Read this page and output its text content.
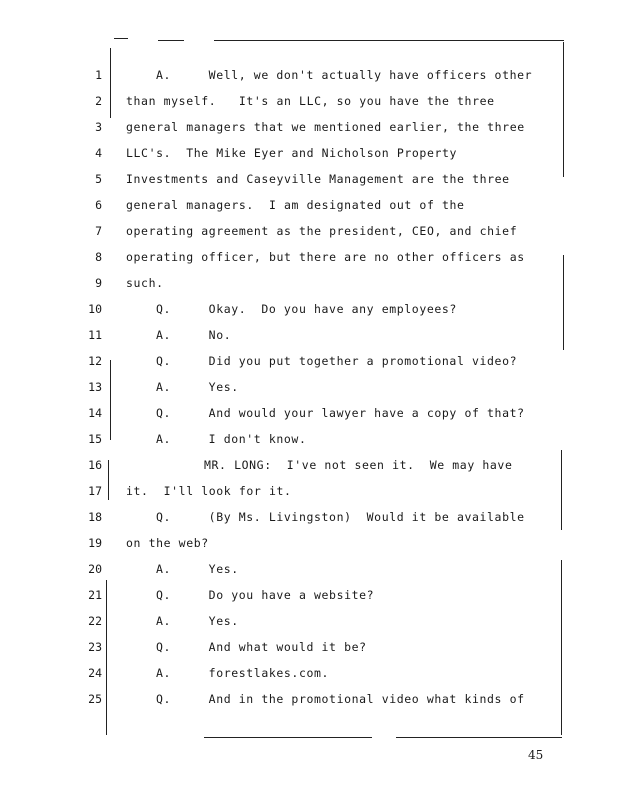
1	A.     Well, we don't actually have officers other
2 than myself.   It's an LLC, so you have the three
3 general managers that we mentioned earlier, the three
4 LLC's.  The Mike Eyer and Nicholson Property
5 Investments and Caseyville Management are the three
6 general managers.  I am designated out of the
7 operating agreement as the president, CEO, and chief
8 operating officer, but there are no other officers as
9 such.
10	Q.     Okay.  Do you have any employees?
11	A.     No.
12	Q.     Did you put together a promotional video?
13	A.     Yes.
14	Q.     And would your lawyer have a copy of that?
15	A.     I don't know.
16	MR. LONG:  I've not seen it.  We may have
17 it.  I'll look for it.
18	Q.     (By Ms. Livingston)  Would it be available
19 on the web?
20	A.     Yes.
21	Q.     Do you have a website?
22	A.     Yes.
23	Q.     And what would it be?
24	A.     forestlakes.com.
25	Q.     And in the promotional video what kinds of
45
